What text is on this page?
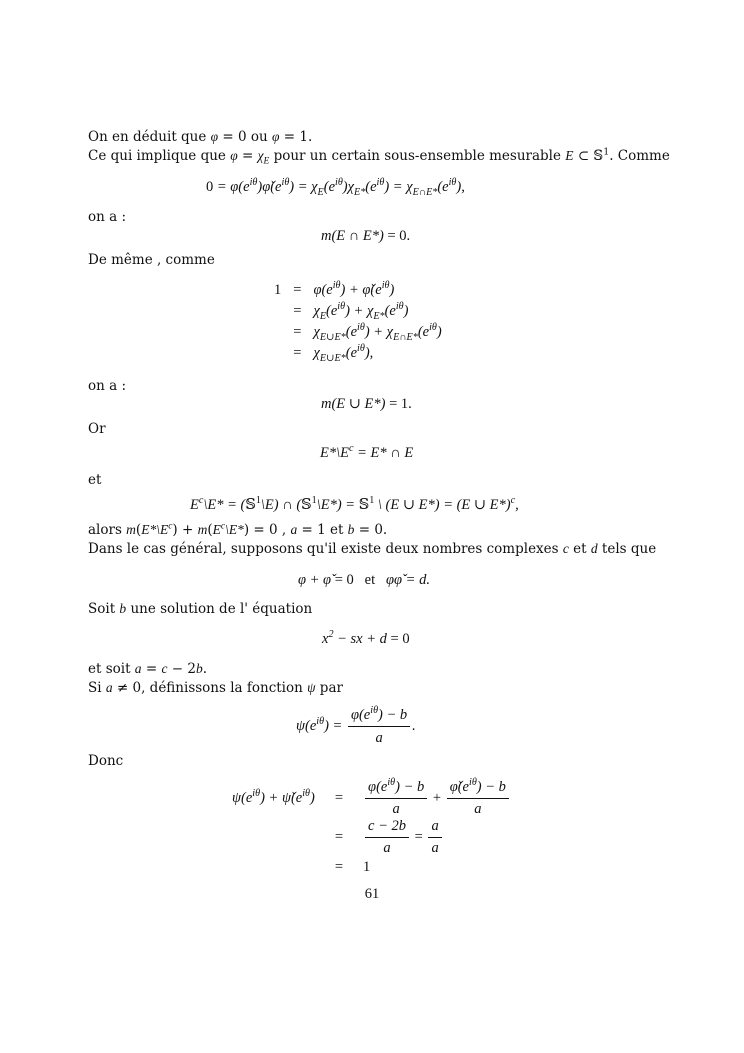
On en déduit que φ = 0 ou φ = 1.
Ce qui implique que $\varphi = \chi_E$ pour un certain sous-ensemble mesurable E ⊂ 𝕊$^1$. Comme
$0 = \varphi(e^{i\theta})\varphǐ(e^{i\theta}) = \chi_E(e^{i\theta})\chi_{E*}(e^{i\theta}) = \chi_{E\cap E*}(e^{i\theta})$,
on a :
m(E ∩ E*) = 0.
De même , comme
1	=	$\varphi(e^{i\theta})$ + $\varphǐ(e^{i\theta})$
	=	$\chi_E(e^{i\theta}) + \chi_{E*}(e^{i\theta})$
	=	$\chi_{E\cup E*}(e^{i\theta}) + \chi_{E\cap E*}(e^{i\theta})$
	=	$\chi_{E\cup E*}(e^{i\theta})$,
on a :
m(E ∪ E*) = 1.
Or
$E*\backslash E^c = E*$ ∩ E
et
$E^c\backslash E*$ = (𝕊$^1$\E) ∩ (𝕊$^1$\E*) = 𝕊$^1$ \ (E ∪ E*) = (E ∪ E*)$^c$,
alors $m(E*\backslash E^c)$ + $m(E^c\backslash E*) = 0$ , a = 1 et b = 0.
Dans le cas général, supposons qu'il existe deux nombres complexes c et d tels que
φ + φ̌ = 0   et   φφ̌ = d.
Soit b une solution de l' équation
$x^2$ − sx + d = 0
et soit a = c − 2b.
Si a ≠ 0, définissons la fonction ψ par
$\psi(e^{i\theta}) = \frac{\varphi(e^{i\theta}) - b}{a}$ .
Donc
$\psi(e^{i\theta})$ + $\psǐ(e^{i\theta})$	=	$\frac{\varphi(e^{i\theta}) - b}{a} + \frac{\varphǐ(e^{i\theta}) - b}{a}$

	=	$\frac{c - 2b}{a} = \frac{a}{a}$

	=	1
61
